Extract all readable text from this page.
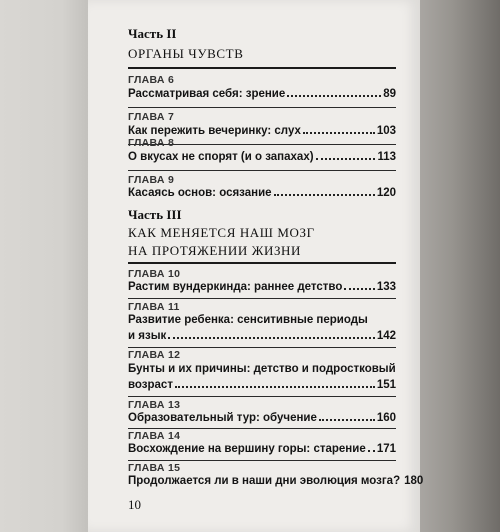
Часть II
ОРГАНЫ ЧУВСТВ
ГЛАВА 6
Рассматривая себя: зрение	89
ГЛАВА 7
Как пережить вечеринку: слух	103
ГЛАВА 8
О вкусах не спорят (и о запахах)	113
ГЛАВА 9
Касаясь основ: осязание	120
Часть III
КАК МЕНЯЕТСЯ НАШ МОЗГ
НА ПРОТЯЖЕНИИ ЖИЗНИ
ГЛАВА 10
Растим вундеркинда: раннее детство	133
ГЛАВА 11
Развитие ребенка: сенситивные периоды
и язык	142
ГЛАВА 12
Бунты и их причины: детство и подростковый
возраст	151
ГЛАВА 13
Образовательный тур: обучение	160
ГЛАВА 14
Восхождение на вершину горы: старение 171
ГЛАВА 15
Продолжается ли в наши дни эволюция мозга? 180
10
